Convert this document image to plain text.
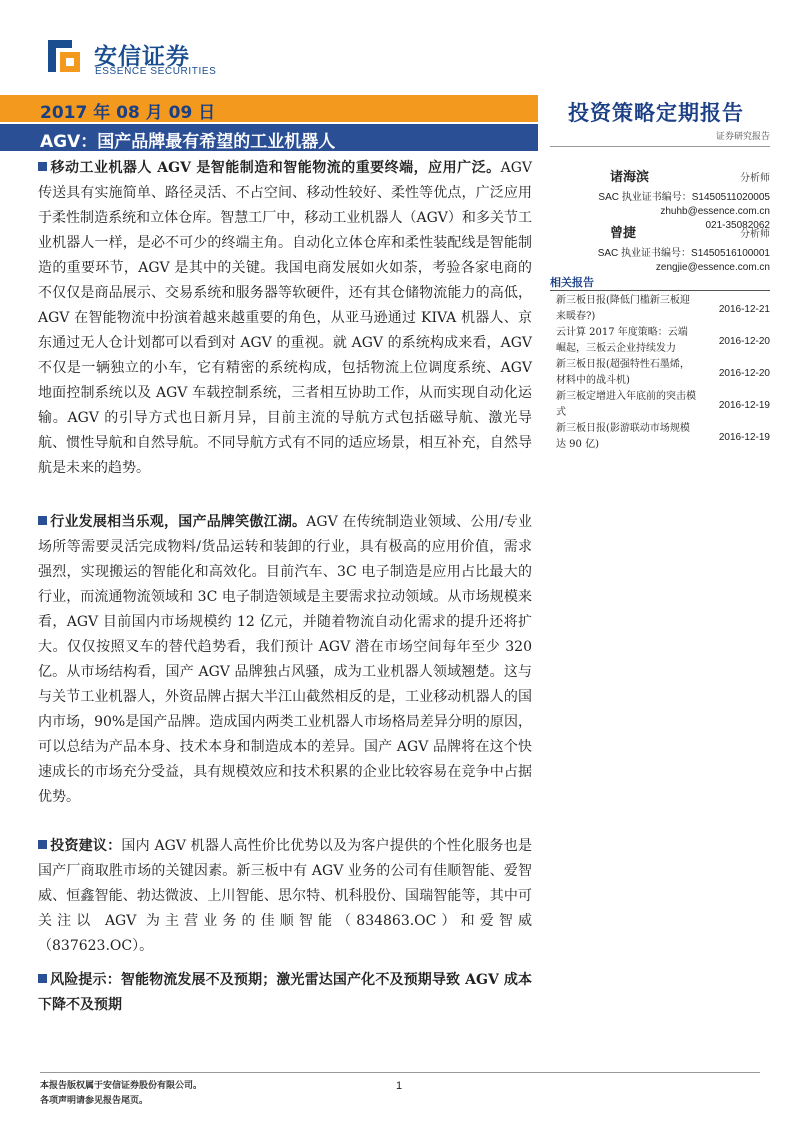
安信证券
ESSENCE SECURITIES
2017 年 08 月 09 日
AGV：国产品牌最有希望的工业机器人
投资策略定期报告
证券研究报告
诸海滨	分析师
SAC 执业证书编号：S1450511020005
zhuhb@essence.com.cn
021-35082062
曾捷	分析师
SAC 执业证书编号：S1450516100001
zengjie@essence.com.cn
相关报告
新三板日报(降低门槛新三板迎来暖春?)
2016-12-21
云计算 2017 年度策略：云端崛起，三板云企业持续发力
2016-12-20
新三板日报(超强特性石墨烯，材料中的战斗机)
2016-12-20
新三板定增进入年底前的突击模式
2016-12-19
新三板日报(影游联动市场规模达 90 亿)
2016-12-19

移动工业机器人 AGV 是智能制造和智能物流的重要终端，应用广泛。AGV 传送具有实施简单、路径灵活、不占空间、移动性较好、柔性等优点，广泛应用于柔性制造系统和立体仓库。智慧工厂中，移动工业机器人（AGV）和多关节工业机器人一样，是必不可少的终端主角。自动化立体仓库和柔性装配线是智能制造的重要环节，AGV 是其中的关键。我国电商发展如火如荼，考验各家电商的不仅仅是商品展示、交易系统和服务器等软硬件，还有其仓储物流能力的高低，AGV 在智能物流中扮演着越来越重要的角色，从亚马逊通过 KIVA 机器人、京东通过无人仓计划都可以看到对 AGV 的重视。就 AGV 的系统构成来看，AGV 不仅是一辆独立的小车，它有精密的系统构成，包括物流上位调度系统、AGV 地面控制系统以及 AGV 车载控制系统，三者相互协助工作，从而实现自动化运输。AGV 的引导方式也日新月异，目前主流的导航方式包括磁导航、激光导航、惯性导航和自然导航。不同导航方式有不同的适应场景，相互补充，自然导航是未来的趋势。

行业发展相当乐观，国产品牌笑傲江湖。AGV 在传统制造业领域、公用/专业场所等需要灵活完成物料/货品运转和装卸的行业，具有极高的应用价值，需求强烈，实现搬运的智能化和高效化。目前汽车、3C 电子制造是应用占比最大的行业，而流通物流领域和 3C 电子制造领域是主要需求拉动领域。从市场规模来看，AGV 目前国内市场规模约 12 亿元，并随着物流自动化需求的提升还将扩大。仅仅按照叉车的替代趋势看，我们预计 AGV 潜在市场空间每年至少 320 亿。从市场结构看，国产 AGV 品牌独占风骚，成为工业机器人领域翘楚。这与与关节工业机器人，外资品牌占据大半江山截然相反的是，工业移动机器人的国内市场，90%是国产品牌。造成国内两类工业机器人市场格局差异分明的原因，可以总结为产品本身、技术本身和制造成本的差异。国产 AGV 品牌将在这个快速成长的市场充分受益，具有规模效应和技术积累的企业比较容易在竞争中占据优势。

投资建议：国内 AGV 机器人高性价比优势以及为客户提供的个性化服务也是国产厂商取胜市场的关键因素。新三板中有 AGV 业务的公司有佳顺智能、爱智威、恒鑫智能、勃达微波、上川智能、思尔特、机科股份、国瑞智能等，其中可关注以 AGV 为主营业务的佳顺智能（834863.OC）和爱智威（837623.OC）。

风险提示：智能物流发展不及预期；激光雷达国产化不及预期导致 AGV 成本下降不及预期

本报告版权属于安信证券股份有限公司。
各项声明请参见报告尾页。
1
